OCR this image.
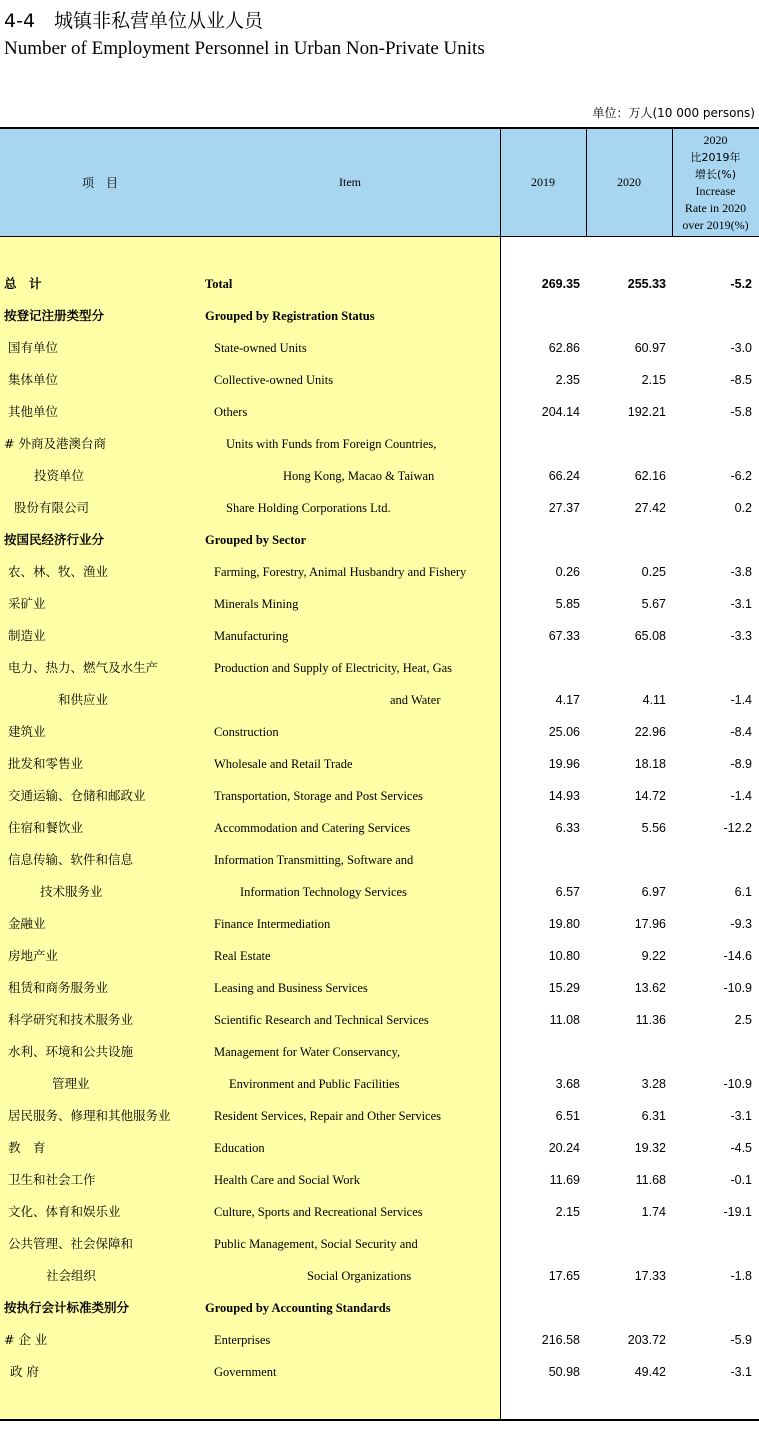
4-4　城镇非私营单位从业人员
Number of Employment Personnel in Urban Non-Private Units
单位：万人(10 000 persons)
项　目	Item	2019	2020
2020
比2019年
增长(%)
Increase
Rate in 2020
over 2019(%)
总　计	Total	269.35	255.33	-5.2
按登记注册类型分	Grouped by Registration Status
国有单位	State-owned Units	62.86	60.97	-3.0
集体单位	Collective-owned Units	2.35	2.15	-8.5
其他单位	Others	204.14	192.21	-5.8
# 外商及港澳台商	Units with Funds from Foreign Countries,
投资单位	Hong Kong, Macao & Taiwan	66.24	62.16	-6.2
股份有限公司	Share Holding Corporations Ltd.	27.37	27.42	0.2
按国民经济行业分	Grouped by Sector
农、林、牧、渔业	Farming, Forestry, Animal Husbandry and Fishery	0.26	0.25	-3.8
采矿业	Minerals Mining	5.85	5.67	-3.1
制造业	Manufacturing	67.33	65.08	-3.3
电力、热力、燃气及水生产	Production and Supply of Electricity, Heat, Gas
和供应业	and Water	4.17	4.11	-1.4
建筑业	Construction	25.06	22.96	-8.4
批发和零售业	Wholesale and Retail Trade	19.96	18.18	-8.9
交通运输、仓储和邮政业	Transportation, Storage and Post Services	14.93	14.72	-1.4
住宿和餐饮业	Accommodation and Catering Services	6.33	5.56	-12.2
信息传输、软件和信息	Information Transmitting, Software and
技术服务业	Information Technology Services	6.57	6.97	6.1
金融业	Finance Intermediation	19.80	17.96	-9.3
房地产业	Real Estate	10.80	9.22	-14.6
租赁和商务服务业	Leasing and Business Services	15.29	13.62	-10.9
科学研究和技术服务业	Scientific Research and Technical Services	11.08	11.36	2.5
水利、环境和公共设施	Management for Water Conservancy,
管理业	Environment and Public Facilities	3.68	3.28	-10.9
居民服务、修理和其他服务业	Resident Services, Repair and Other Services	6.51	6.31	-3.1
教　育	Education	20.24	19.32	-4.5
卫生和社会工作	Health Care and Social Work	11.69	11.68	-0.1
文化、体育和娱乐业	Culture, Sports and Recreational Services	2.15	1.74	-19.1
公共管理、社会保障和	Public Management, Social Security and
社会组织	Social Organizations	17.65	17.33	-1.8
按执行会计标准类别分	Grouped by Accounting Standards
# 企 业	Enterprises	216.58	203.72	-5.9
政 府	Government	50.98	49.42	-3.1
